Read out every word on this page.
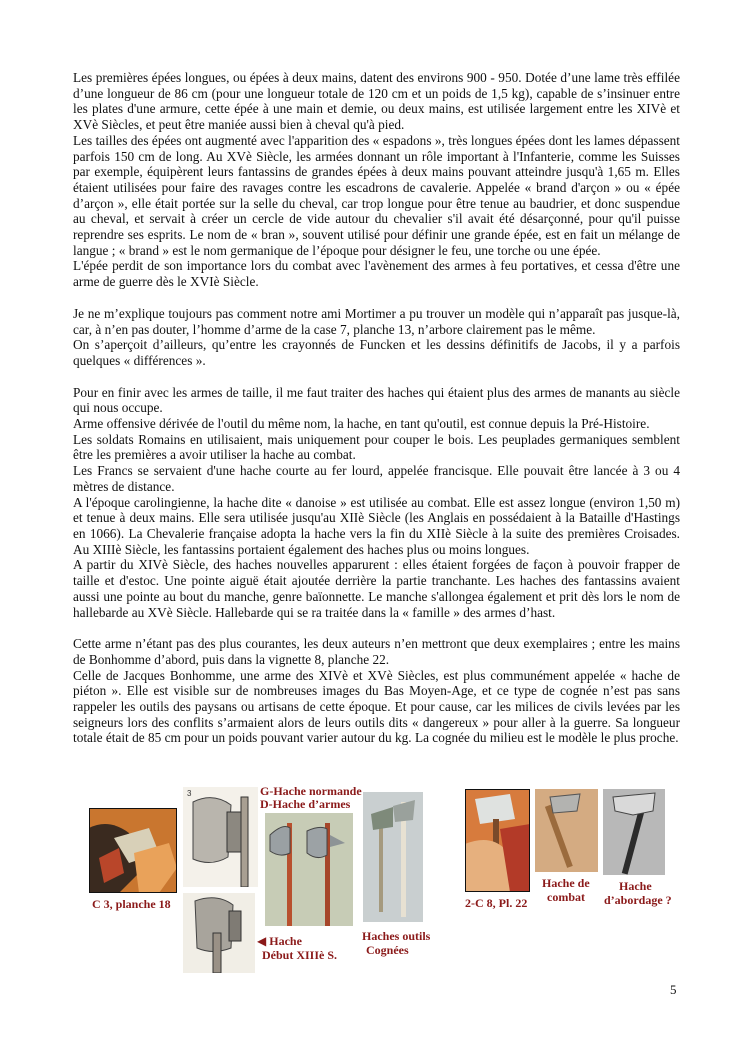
Les premières épées longues, ou épées à deux mains, datent des environs 900 - 950. Dotée d’une lame très effilée d’une longueur de 86 cm (pour une longueur totale de 120 cm et un poids de 1,5 kg), capable de s’insinuer entre les plates d'une armure, cette épée à une main et demie, ou deux mains, est utilisée largement entre les XIVè et XVè Siècles, et peut être maniée aussi bien à cheval qu'à pied.

Les tailles des épées ont augmenté avec l'apparition des « espadons », très longues épées dont les lames dépassent parfois 150 cm de long. Au XVè Siècle, les armées donnant un rôle important à l'Infanterie, comme les Suisses par exemple, équipèrent leurs fantassins de grandes épées à deux mains pouvant atteindre jusqu'à 1,65 m. Elles étaient utilisées pour faire des ravages contre les escadrons de cavalerie. Appelée « brand d'arçon » ou « épée d’arçon », elle était portée sur la selle du cheval, car trop longue pour être tenue au baudrier, et donc suspendue au cheval, et servait à créer un cercle de vide autour du chevalier s'il avait été désarçonné, pour qu'il puisse reprendre ses esprits. Le nom de « bran », souvent utilisé pour définir une grande épée, est en fait un mélange de langue ; « brand » est le nom germanique de l’époque pour désigner le feu, une torche ou une épée.

L'épée perdit de son importance lors du combat avec l'avènement des armes à feu portatives, et cessa d'être une arme de guerre dès le XVIè Siècle.

Je ne m’explique toujours pas comment notre ami Mortimer a pu trouver un modèle qui n’apparaît pas jusque-là, car, à n’en pas douter, l’homme d’arme de la case 7, planche 13, n’arbore clairement pas le même.

On s’aperçoit d’ailleurs, qu’entre les crayonnés de Funcken et les dessins définitifs de Jacobs, il y a parfois quelques « différences ».

Pour en finir avec les armes de taille, il me faut traiter des haches qui étaient plus des armes de manants au siècle qui nous occupe.

Arme offensive dérivée de l'outil du même nom, la hache, en tant qu'outil, est connue depuis la Pré-Histoire.

Les soldats Romains en utilisaient, mais uniquement pour couper le bois. Les peuplades germaniques semblent être les premières a avoir utiliser la hache au combat.

Les Francs se servaient d'une hache courte au fer lourd, appelée francisque. Elle pouvait être lancée à 3 ou 4 mètres de distance.

A l'époque carolingienne, la hache dite « danoise » est utilisée au combat. Elle est assez longue (environ 1,50 m) et tenue à deux mains. Elle sera utilisée jusqu'au XIIè Siècle (les Anglais en possédaient à la Bataille d'Hastings en 1066). La Chevalerie française adopta la hache vers la fin du XIIè Siècle à la suite des premières Croisades. Au XIIIè Siècle, les fantassins portaient également des haches plus ou moins longues.

A partir du XIVè Siècle, des haches nouvelles apparurent : elles étaient forgées de façon à pouvoir frapper de taille et d'estoc. Une pointe aiguë était ajoutée derrière la partie tranchante. Les haches des fantassins avaient aussi une pointe au bout du manche, genre baïonnette. Le manche s'allongea également et prit dès lors le nom de hallebarde au XVè Siècle. Hallebarde qui se ra traitée dans la « famille » des armes d’hast.

Cette arme n’étant pas des plus courantes, les deux auteurs n’en mettront que deux exemplaires ; entre les mains de Bonhomme d’abord, puis dans la vignette 8, planche 22.

Celle de Jacques Bonhomme, une arme des XIVè et XVè Siècles, est plus communément appelée « hache de piéton ». Elle est visible sur de nombreuses images du Bas Moyen-Age, et ce type de cognée n’est pas sans rappeler les outils des paysans ou artisans de cette époque. Et pour cause, car les milices de civils levées par les seigneurs lors des conflits s’armaient alors de leurs outils dits « dangereux » pour aller à la guerre. Sa longueur totale était de 85 cm pour un poids pouvant varier autour du kg. La cognée du milieu est le modèle le plus proche.

C 3, planche 18
3
◀ Hache
Début XIIIè S.
G-Hache normande
D-Hache d’armes
Haches outils
Cognées
2-C 8, Pl. 22
Hache de
combat
Hache
d’abordage ?
5
